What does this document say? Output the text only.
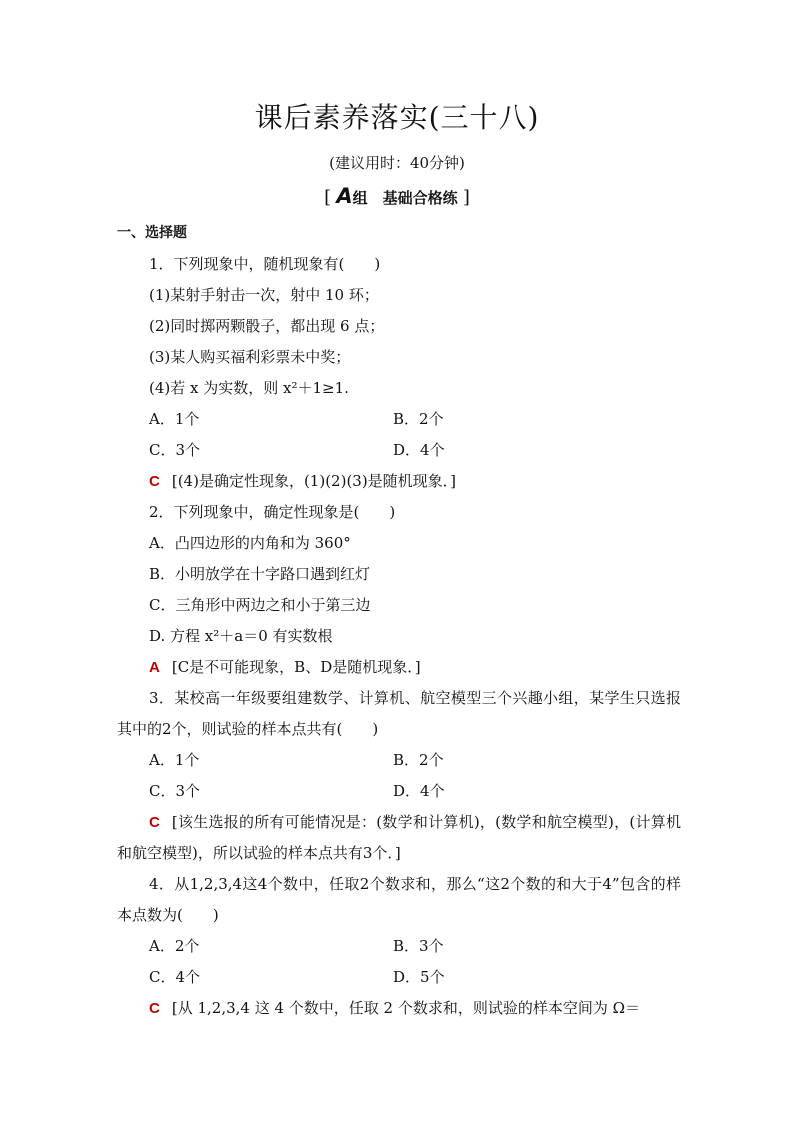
课后素养落实(三十八)
(建议用时：40分钟)
[ A组　基础合格练 ]
一、选择题
1．下列现象中，随机现象有(　　)
(1)某射手射击一次，射中 10 环；
(2)同时掷两颗骰子，都出现 6 点；
(3)某人购买福利彩票未中奖；
(4)若 x 为实数，则 x²＋1≥1.
A．1个	B．2个
C．3个	D．4个
C [(4)是确定性现象，(1)(2)(3)是随机现象．]
2．下列现象中，确定性现象是(　　)
A．凸四边形的内角和为 360°
B．小明放学在十字路口遇到红灯
C．三角形中两边之和小于第三边
D. 方程 x²＋a＝0 有实数根
A [C是不可能现象，B、D是随机现象．]
3．某校高一年级要组建数学、计算机、航空模型三个兴趣小组，某学生只选报其中的2个，则试验的样本点共有(　　)
A．1个	B．2个
C．3个	D．4个
C [该生选报的所有可能情况是：(数学和计算机)，(数学和航空模型)，(计算机和航空模型)，所以试验的样本点共有3个．]
4．从1,2,3,4这4个数中，任取2个数求和，那么“这2个数的和大于4”包含的样本点数为(　　)
A．2个	B．3个
C．4个	D．5个
C [从 1,2,3,4 这 4 个数中，任取 2 个数求和，则试验的样本空间为 Ω＝
